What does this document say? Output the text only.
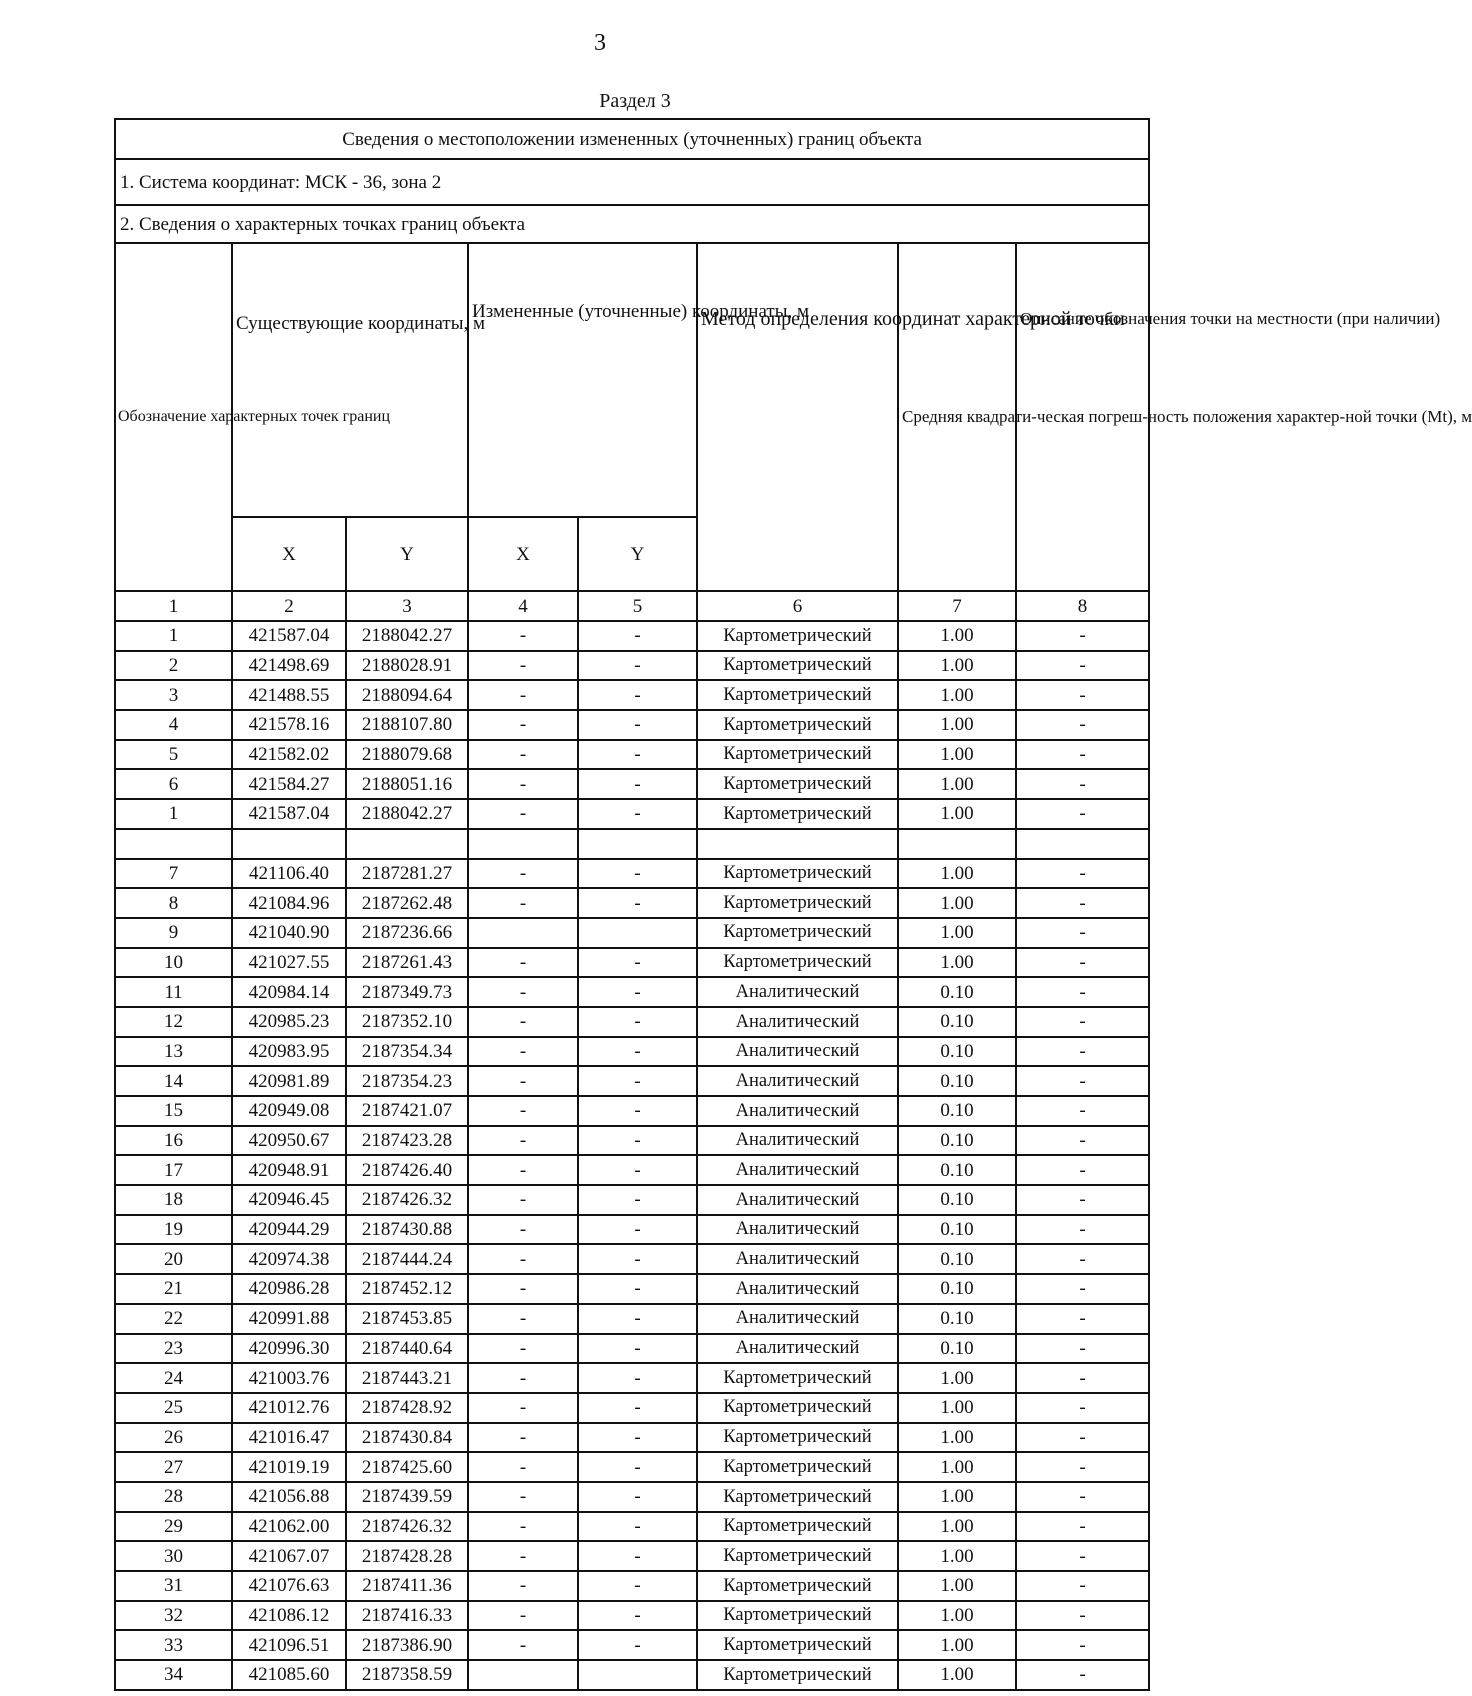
3
Раздел 3
Сведения о местоположении измененных (уточненных) границ объекта							
1. Система координат: МСК - 36, зона 2							
2. Сведения о характерных точках границ объекта							
Обозначение характерных точек границ	Существующие координаты, м		Измененные (уточненные) координаты, м		Метод определения координат характерной точки	Средняя квадрати-ческая погреш-ность положения характер-ной точки (Mt), м	Описание обозначения точки на местности (при наличии)
	X	Y	X	Y			
1	2	3	4	5	6	7	8
1	421587.04	2188042.27	-	-	Картометрический	1.00	-
2	421498.69	2188028.91	-	-	Картометрический	1.00	-
3	421488.55	2188094.64	-	-	Картометрический	1.00	-
4	421578.16	2188107.80	-	-	Картометрический	1.00	-
5	421582.02	2188079.68	-	-	Картометрический	1.00	-
6	421584.27	2188051.16	-	-	Картометрический	1.00	-
1	421587.04	2188042.27	-	-	Картометрический	1.00	-

7	421106.40	2187281.27	-	-	Картометрический	1.00	-
8	421084.96	2187262.48	-	-	Картометрический	1.00	-
9	421040.90	2187236.66			Картометрический	1.00	-
10	421027.55	2187261.43	-	-	Картометрический	1.00	-
11	420984.14	2187349.73	-	-	Аналитический	0.10	-
12	420985.23	2187352.10	-	-	Аналитический	0.10	-
13	420983.95	2187354.34	-	-	Аналитический	0.10	-
14	420981.89	2187354.23	-	-	Аналитический	0.10	-
15	420949.08	2187421.07	-	-	Аналитический	0.10	-
16	420950.67	2187423.28	-	-	Аналитический	0.10	-
17	420948.91	2187426.40	-	-	Аналитический	0.10	-
18	420946.45	2187426.32	-	-	Аналитический	0.10	-
19	420944.29	2187430.88	-	-	Аналитический	0.10	-
20	420974.38	2187444.24	-	-	Аналитический	0.10	-
21	420986.28	2187452.12	-	-	Аналитический	0.10	-
22	420991.88	2187453.85	-	-	Аналитический	0.10	-
23	420996.30	2187440.64	-	-	Аналитический	0.10	-
24	421003.76	2187443.21	-	-	Картометрический	1.00	-
25	421012.76	2187428.92	-	-	Картометрический	1.00	-
26	421016.47	2187430.84	-	-	Картометрический	1.00	-
27	421019.19	2187425.60	-	-	Картометрический	1.00	-
28	421056.88	2187439.59	-	-	Картометрический	1.00	-
29	421062.00	2187426.32	-	-	Картометрический	1.00	-
30	421067.07	2187428.28	-	-	Картометрический	1.00	-
31	421076.63	2187411.36	-	-	Картометрический	1.00	-
32	421086.12	2187416.33	-	-	Картометрический	1.00	-
33	421096.51	2187386.90	-	-	Картометрический	1.00	-
34	421085.60	2187358.59			Картометрический	1.00	-
